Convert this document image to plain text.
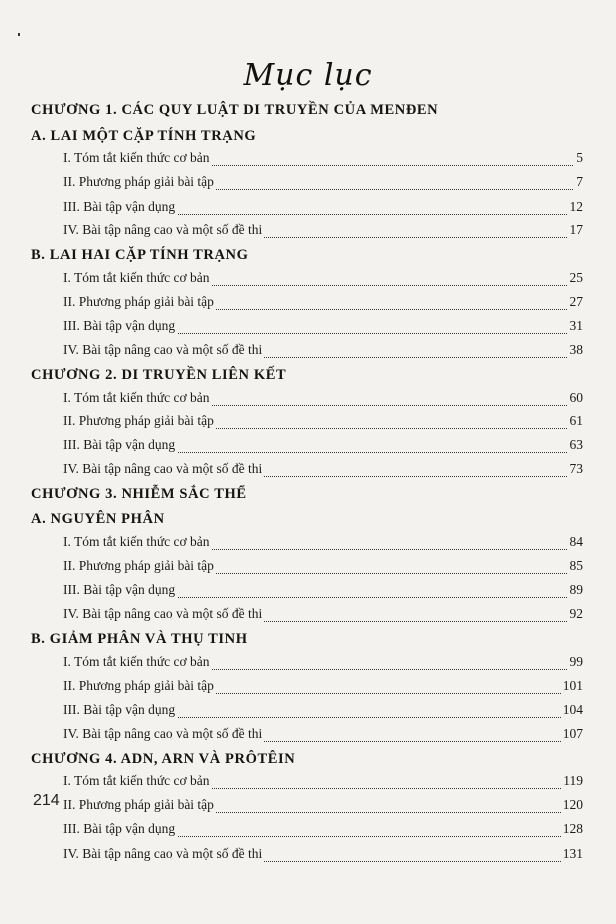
Mục lục
CHƯƠNG 1. CÁC QUY LUẬT DI TRUYỀN CỦA MENĐEN
A. LAI MỘT CẶP TÍNH TRẠNG
I. Tóm tắt kiến thức cơ bản	5
II. Phương pháp giải bài tập	7
III. Bài tập vận dụng	12
IV. Bài tập nâng cao và một số đề thi	17
B. LAI HAI CẶP TÍNH TRẠNG
I. Tóm tắt kiến thức cơ bản	25
II. Phương pháp giải bài tập	27
III. Bài tập vận dụng	31
IV. Bài tập nâng cao và một số đề thi	38
CHƯƠNG 2. DI TRUYỀN LIÊN KẾT
I. Tóm tắt kiến thức cơ bản	60
II. Phương pháp giải bài tập	61
III. Bài tập vận dụng	63
IV. Bài tập nâng cao và một số đề thi	73
CHƯƠNG 3. NHIỄM SẮC THỂ
A. NGUYÊN PHÂN
I. Tóm tắt kiến thức cơ bản	84
II. Phương pháp giải bài tập	85
III. Bài tập vận dụng	89
IV. Bài tập nâng cao và một số đề thi	92
B. GIẢM PHÂN VÀ THỤ TINH
I. Tóm tắt kiến thức cơ bản	99
II. Phương pháp giải bài tập	101
III. Bài tập vận dụng	104
IV. Bài tập nâng cao và một số đề thi	107
CHƯƠNG 4. ADN, ARN VÀ PRÔTÊIN
I. Tóm tắt kiến thức cơ bản	119
II. Phương pháp giải bài tập	120
III. Bài tập vận dụng	128
IV. Bài tập nâng cao và một số đề thi	131
214
